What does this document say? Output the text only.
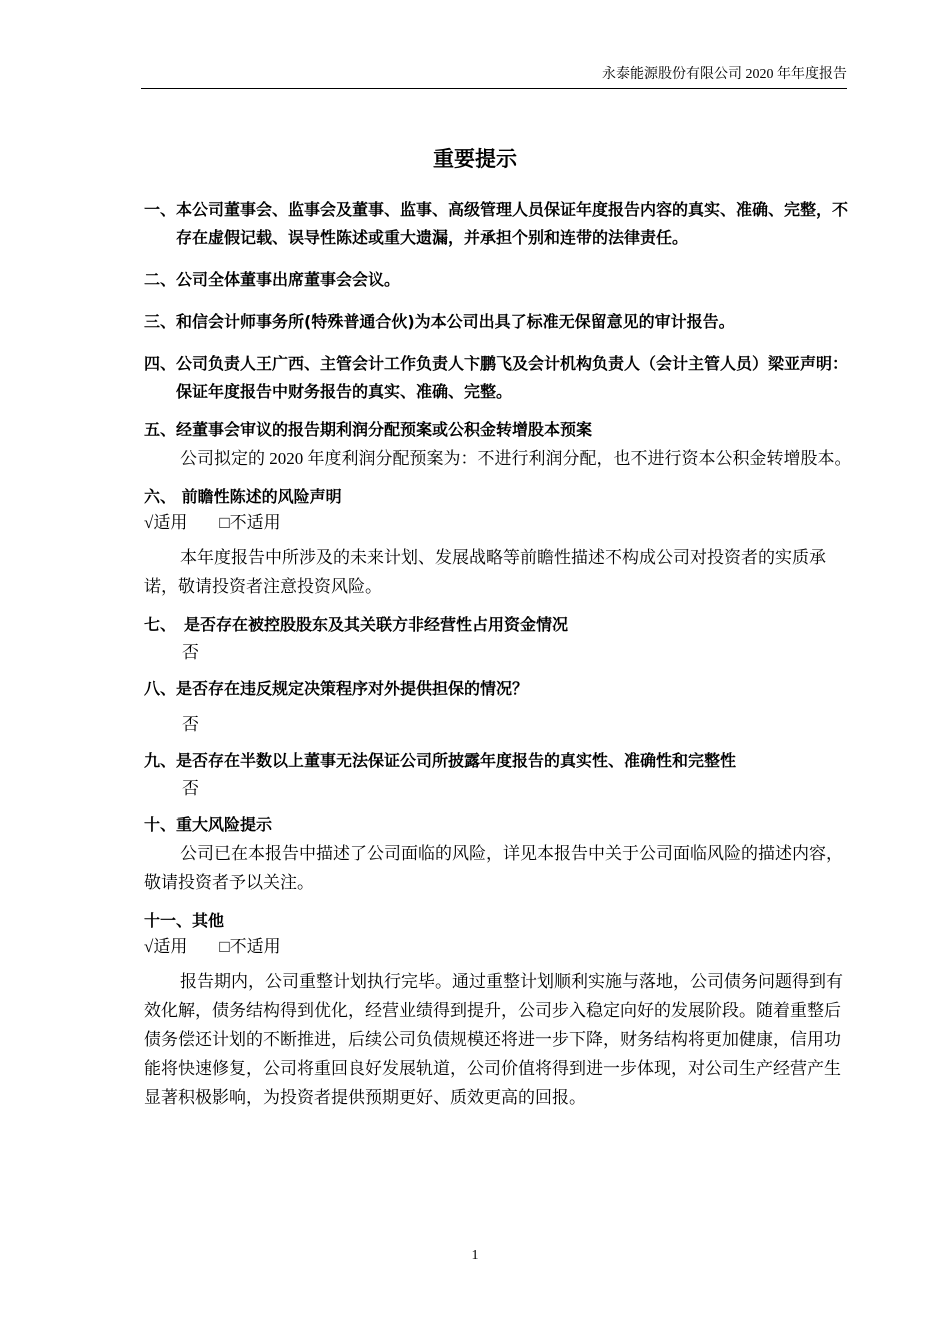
永泰能源股份有限公司 2020 年年度报告
重要提示
一、本公司董事会、监事会及董事、监事、高级管理人员保证年度报告内容的真实、准确、完整，不存在虚假记载、误导性陈述或重大遗漏，并承担个别和连带的法律责任。
二、公司全体董事出席董事会会议。
三、和信会计师事务所(特殊普通合伙)为本公司出具了标准无保留意见的审计报告。
四、公司负责人王广西、主管会计工作负责人卞鹏飞及会计机构负责人（会计主管人员）梁亚声明：保证年度报告中财务报告的真实、准确、完整。
五、经董事会审议的报告期利润分配预案或公积金转增股本预案
公司拟定的 2020 年度利润分配预案为：不进行利润分配，也不进行资本公积金转增股本。
六、 前瞻性陈述的风险声明
√适用 □不适用
本年度报告中所涉及的未来计划、发展战略等前瞻性描述不构成公司对投资者的实质承诺，敬请投资者注意投资风险。
七、　是否存在被控股股东及其关联方非经营性占用资金情况
否
八、是否存在违反规定决策程序对外提供担保的情况？
否
九、是否存在半数以上董事无法保证公司所披露年度报告的真实性、准确性和完整性
否
十、重大风险提示
公司已在本报告中描述了公司面临的风险，详见本报告中关于公司面临风险的描述内容，敬请投资者予以关注。
十一、其他
√适用 □不适用
报告期内，公司重整计划执行完毕。通过重整计划顺利实施与落地，公司债务问题得到有效化解，债务结构得到优化，经营业绩得到提升，公司步入稳定向好的发展阶段。随着重整后债务偿还计划的不断推进，后续公司负债规模还将进一步下降，财务结构将更加健康，信用功能将快速修复，公司将重回良好发展轨道，公司价值将得到进一步体现，对公司生产经营产生显著积极影响，为投资者提供预期更好、质效更高的回报。
1
